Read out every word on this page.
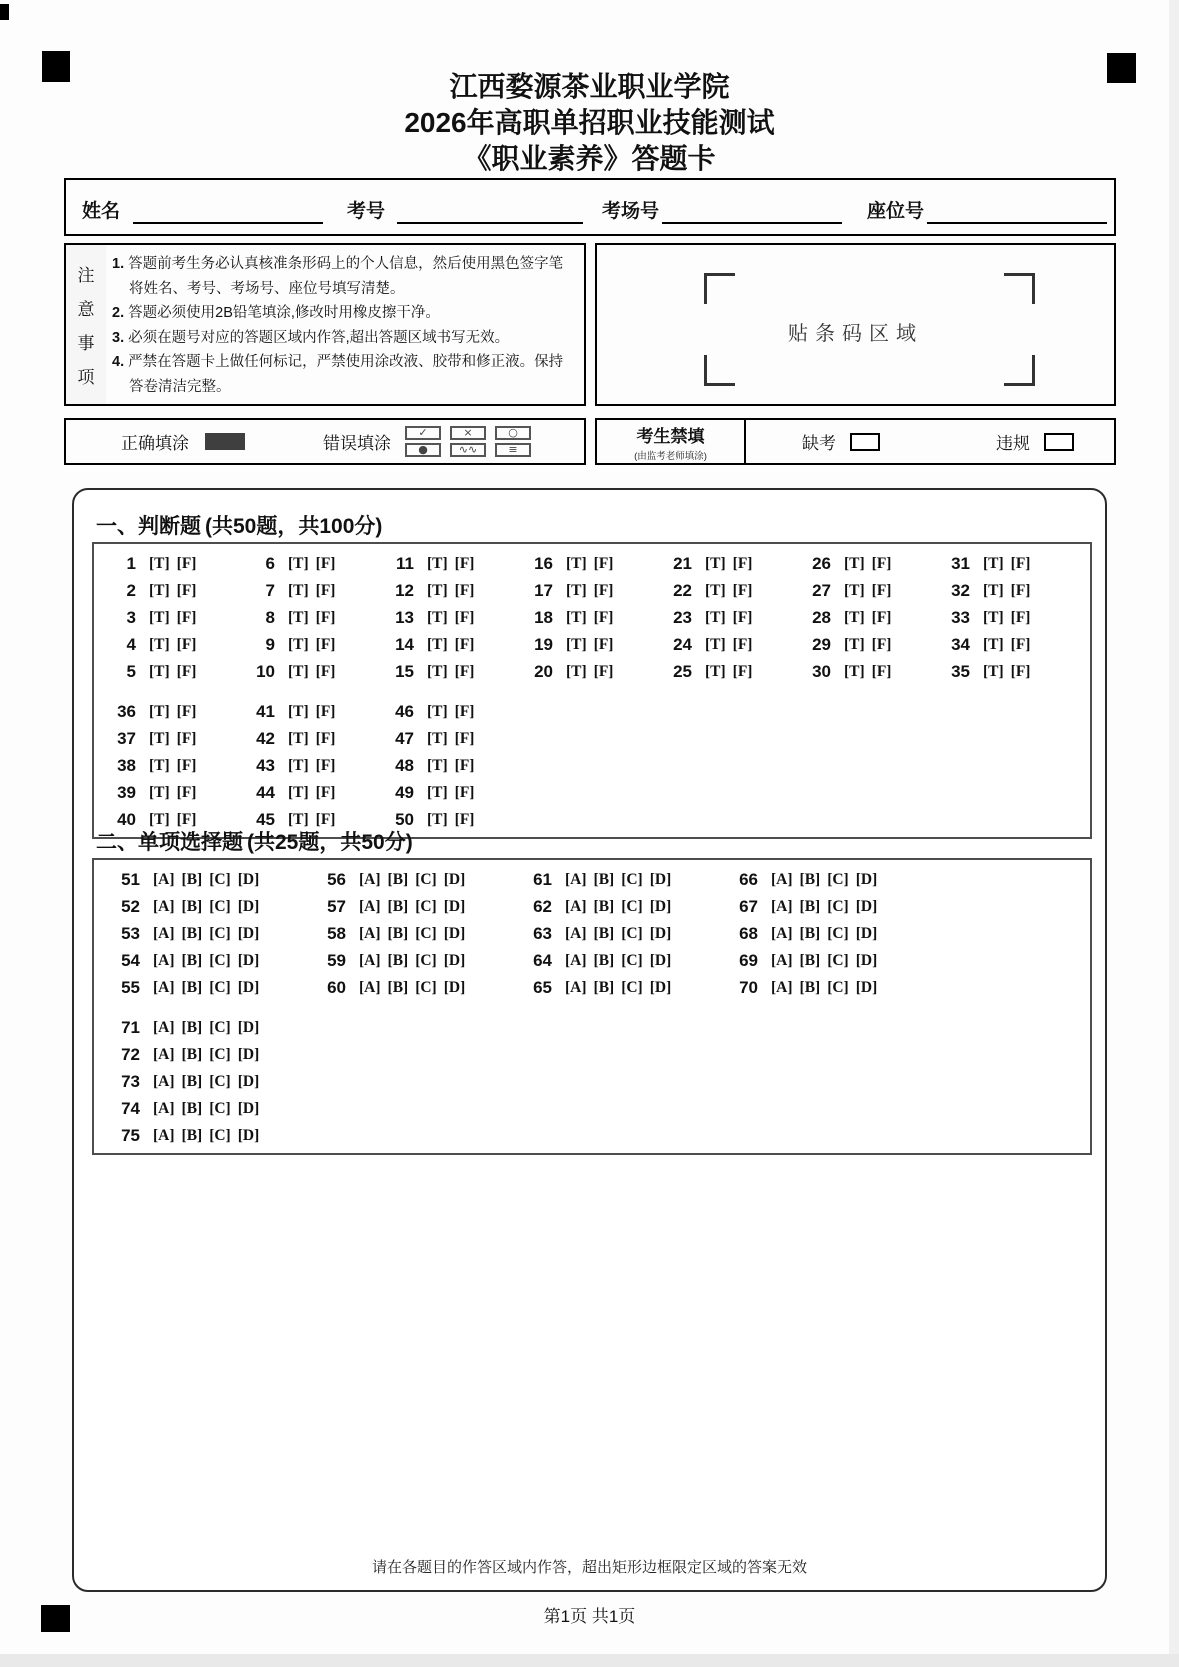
江西婺源茶业职业学院
2026年高职单招职业技能测试
《职业素养》答题卡
姓名	考号	考场号	座位号
注
意
事
项
1. 答题前考生务必认真核准条形码上的个人信息，然后使用黑色签字笔将姓名、考号、考场号、座位号填写清楚。
2. 答题必须使用2B铅笔填涂,修改时用橡皮擦干净。
3. 必须在题号对应的答题区域内作答,超出答题区域书写无效。
4. 严禁在答题卡上做任何标记，严禁使用涂改液、胶带和修正液。保持答卷清洁完整。
贴条码区域
正确填涂	错误填涂
✓	×	○
●	∿∿	≡
考生禁填
(由监考老师填涂)
缺考	违规
一、判断题 (共50题，共100分)
1 [T] [F]
2 [T] [F]
3 [T] [F]
4 [T] [F]
5 [T] [F]
6 [T] [F]
7 [T] [F]
8 [T] [F]
9 [T] [F]
10 [T] [F]
11 [T] [F]
12 [T] [F]
13 [T] [F]
14 [T] [F]
15 [T] [F]
16 [T] [F]
17 [T] [F]
18 [T] [F]
19 [T] [F]
20 [T] [F]
21 [T] [F]
22 [T] [F]
23 [T] [F]
24 [T] [F]
25 [T] [F]
26 [T] [F]
27 [T] [F]
28 [T] [F]
29 [T] [F]
30 [T] [F]
31 [T] [F]
32 [T] [F]
33 [T] [F]
34 [T] [F]
35 [T] [F]
36 [T] [F]
37 [T] [F]
38 [T] [F]
39 [T] [F]
40 [T] [F]
41 [T] [F]
42 [T] [F]
43 [T] [F]
44 [T] [F]
45 [T] [F]
46 [T] [F]
47 [T] [F]
48 [T] [F]
49 [T] [F]
50 [T] [F]
二、单项选择题 (共25题，共50分)
51 [A] [B] [C] [D]
52 [A] [B] [C] [D]
53 [A] [B] [C] [D]
54 [A] [B] [C] [D]
55 [A] [B] [C] [D]
56 [A] [B] [C] [D]
57 [A] [B] [C] [D]
58 [A] [B] [C] [D]
59 [A] [B] [C] [D]
60 [A] [B] [C] [D]
61 [A] [B] [C] [D]
62 [A] [B] [C] [D]
63 [A] [B] [C] [D]
64 [A] [B] [C] [D]
65 [A] [B] [C] [D]
66 [A] [B] [C] [D]
67 [A] [B] [C] [D]
68 [A] [B] [C] [D]
69 [A] [B] [C] [D]
70 [A] [B] [C] [D]
71 [A] [B] [C] [D]
72 [A] [B] [C] [D]
73 [A] [B] [C] [D]
74 [A] [B] [C] [D]
75 [A] [B] [C] [D]
请在各题目的作答区域内作答，超出矩形边框限定区域的答案无效
第1页 共1页
